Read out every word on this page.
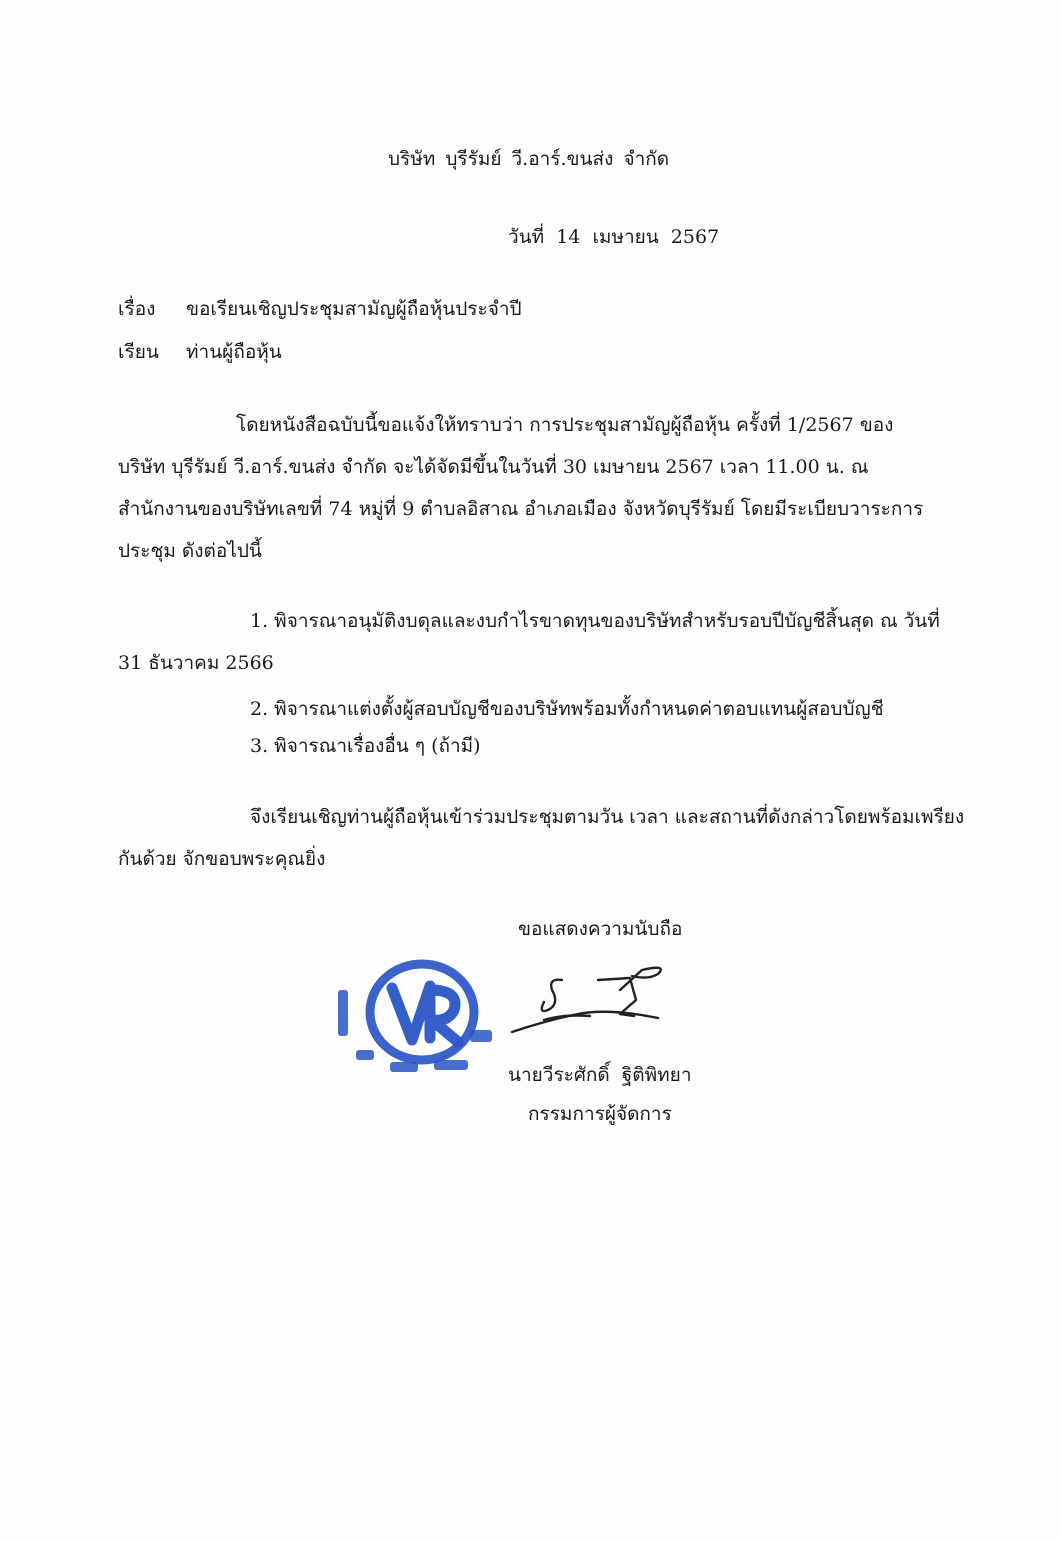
บริษัท บุรีรัมย์ วี.อาร์.ขนส่ง จำกัด
วันที่ 14 เมษายน 2567
เรื่อง ขอเรียนเชิญประชุมสามัญผู้ถือหุ้นประจำปี
เรียน ท่านผู้ถือหุ้น
โดยหนังสือฉบับนี้ขอแจ้งให้ทราบว่า การประชุมสามัญผู้ถือหุ้น ครั้งที่ 1/2567 ของ
บริษัท บุรีรัมย์ วี.อาร์.ขนส่ง จำกัด จะได้จัดมีขึ้นในวันที่ 30 เมษายน 2567 เวลา 11.00 น. ณ
สำนักงานของบริษัทเลขที่ 74 หมู่ที่ 9 ตำบลอิสาณ อำเภอเมือง จังหวัดบุรีรัมย์ โดยมีระเบียบวาระการ
ประชุม ดังต่อไปนี้
1. พิจารณาอนุมัติงบดุลและงบกำไรขาดทุนของบริษัทสำหรับรอบปีบัญชีสิ้นสุด ณ วันที่
31 ธันวาคม 2566
2. พิจารณาแต่งตั้งผู้สอบบัญชีของบริษัทพร้อมทั้งกำหนดค่าตอบแทนผู้สอบบัญชี
3. พิจารณาเรื่องอื่น ๆ (ถ้ามี)
จึงเรียนเชิญท่านผู้ถือหุ้นเข้าร่วมประชุมตามวัน เวลา และสถานที่ดังกล่าวโดยพร้อมเพรียง
กันด้วย จักขอบพระคุณยิ่ง
ขอแสดงความนับถือ
นายวีระศักดิ์ ฐิติพิทยา
กรรมการผู้จัดการ
